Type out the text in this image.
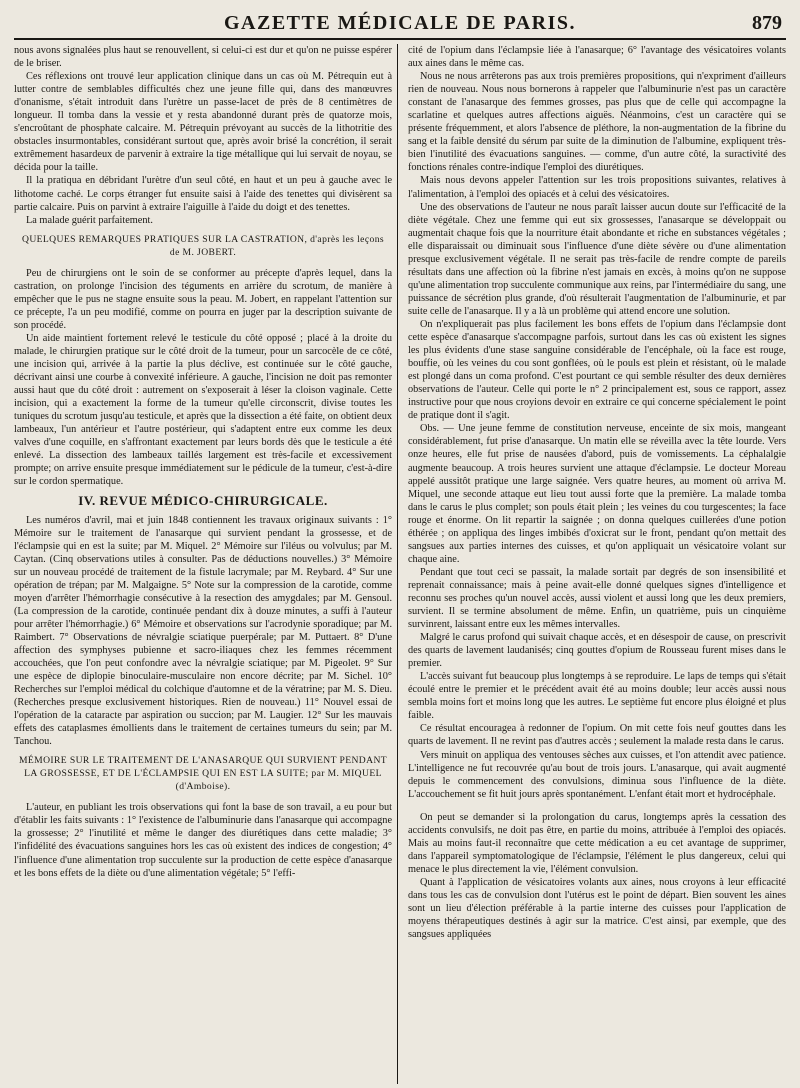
GAZETTE MÉDICALE DE PARIS.	879

nous avons signalées plus haut se renouvellent, si celui-ci est dur et qu'on ne puisse espérer de le briser.

Ces réflexions ont trouvé leur application clinique dans un cas où M. Pétrequin eut à lutter contre de semblables difficultés chez une jeune fille qui, dans des manœuvres d'onanisme, s'était introduit dans l'urètre un passe-lacet de près de 8 centimètres de longueur. Il tomba dans la vessie et y resta abandonné durant près de quatorze mois, s'encroûtant de phosphate calcaire. M. Pétrequin prévoyant au succès de la lithotritie des obstacles insurmontables, considérant surtout que, après avoir brisé la concrétion, il serait extrêmement hasardeux de parvenir à extraire la tige métallique qui lui servait de noyau, se décida pour la taille.

Il la pratiqua en débridant l'urètre d'un seul côté, en haut et un peu à gauche avec le lithotome caché. Le corps étranger fut ensuite saisi à l'aide des tenettes qui divisèrent sa partie calcaire. Puis on parvint à extraire l'aiguille à l'aide du doigt et des tenettes.

La malade guérit parfaitement.

QUELQUES REMARQUES PRATIQUES SUR LA CASTRATION, d'après les leçons de M. JOBERT.

Peu de chirurgiens ont le soin de se conformer au précepte d'après lequel, dans la castration, on prolonge l'incision des téguments en arrière du scrotum, de manière à empêcher que le pus ne stagne ensuite sous la peau. M. Jobert, en rappelant l'attention sur ce précepte, l'a un peu modifié, comme on pourra en juger par la description suivante de son procédé.

Un aide maintient fortement relevé le testicule du côté opposé ; placé à la droite du malade, le chirurgien pratique sur le côté droit de la tumeur, pour un sarcocèle de ce côté, une incision qui, arrivée à la partie la plus déclive, est continuée sur le côté gauche, décrivant ainsi une courbe à convexité inférieure. A gauche, l'incision ne doit pas remonter aussi haut que du côté droit : autrement on s'exposerait à léser la cloison vaginale. Cette incision, qui a exactement la forme de la tumeur qu'elle circonscrit, divise toutes les tuniques du scrotum jusqu'au testicule, et après que la dissection a été faite, on obtient deux lambeaux, l'un antérieur et l'autre postérieur, qui s'adaptent entre eux comme les deux valves d'une coquille, en s'affrontant exactement par leurs bords dès que le testicule a été enlevé. La dissection des lambeaux taillés largement est très-facile et excessivement prompte; on arrive ensuite presque immédiatement sur le pédicule de la tumeur, c'est-à-dire sur le cordon spermatique.

IV. REVUE MÉDICO-CHIRURGICALE.

Les numéros d'avril, mai et juin 1848 contiennent les travaux originaux suivants : 1° Mémoire sur le traitement de l'anasarque qui survient pendant la grossesse, et de l'éclampsie qui en est la suite; par M. Miquel. 2° Mémoire sur l'iléus ou volvulus; par M. Caytan. (Cinq observations utiles à consulter. Pas de déductions nouvelles.) 3° Mémoire sur un nouveau procédé de traitement de la fistule lacrymale; par M. Reybard. 4° Sur une opération de trépan; par M. Malgaigne. 5° Note sur la compression de la carotide, comme moyen d'arrêter l'hémorrhagie consécutive à la resection des amygdales; par M. Gensoul. (La compression de la carotide, continuée pendant dix à douze minutes, a suffi à l'auteur pour arrêter l'hémorrhagie.) 6° Mémoire et observations sur l'acrodynie sporadique; par M. Raimbert. 7° Observations de névralgie sciatique puerpérale; par M. Puttaert. 8° D'une affection des symphyses pubienne et sacro-iliaques chez les femmes récemment accouchées, que l'on peut confondre avec la névralgie sciatique; par M. Pigeolet. 9° Sur une espèce de diplopie binoculaire-musculaire non encore décrite; par M. Sichel. 10° Recherches sur l'emploi médical du colchique d'automne et de la vératrine; par M. S. Dieu. (Recherches presque exclusivement historiques. Rien de nouveau.) 11° Nouvel essai de l'opération de la cataracte par aspiration ou succion; par M. Laugier. 12° Sur les mauvais effets des cataplasmes émollients dans le traitement de certaines tumeurs du sein; par M. Tanchou.

MÉMOIRE SUR LE TRAITEMENT DE L'ANASARQUE QUI SURVIENT PENDANT LA GROSSESSE, ET DE L'ÉCLAMPSIE QUI EN EST LA SUITE; par M. MIQUEL (d'Amboise).

L'auteur, en publiant les trois observations qui font la base de son travail, a eu pour but d'établir les faits suivants : 1° l'existence de l'albuminurie dans l'anasarque qui accompagne la grossesse; 2° l'inutilité et même le danger des diurétiques dans cette maladie; 3° l'infidélité des évacuations sanguines hors les cas où existent des indices de congestion; 4° l'influence d'une alimentation trop succulente sur la production de cette espèce d'anasarque et les bons effets de la diète ou d'une alimentation végétale; 5° l'effi-

cité de l'opium dans l'éclampsie liée à l'anasarque; 6° l'avantage des vésicatoires volants aux aines dans le même cas.

Nous ne nous arrêterons pas aux trois premières propositions, qui n'expriment d'ailleurs rien de nouveau. Nous nous bornerons à rappeler que l'albuminurie n'est pas un caractère constant de l'anasarque des femmes grosses, pas plus que de celle qui accompagne la scarlatine et quelques autres affections aiguës. Néanmoins, c'est un caractère qui se présente fréquemment, et alors l'absence de pléthore, la non-augmentation de la fibrine du sang et la faible densité du sérum par suite de la diminution de l'albumine, expliquent très-bien l'inutilité des évacuations sanguines. — comme, d'un autre côté, la suractivité des fonctions rénales contre-indique l'emploi des diurétiques.

Mais nous devons appeler l'attention sur les trois propositions suivantes, relatives à l'alimentation, à l'emploi des opiacés et à celui des vésicatoires.

Une des observations de l'auteur ne nous paraît laisser aucun doute sur l'efficacité de la diète végétale. Chez une femme qui eut six grossesses, l'anasarque se développait ou augmentait chaque fois que la nourriture était abondante et riche en substances végétales ; elle disparaissait ou diminuait sous l'influence d'une diète sévère ou d'une alimentation presque exclusivement végétale. Il ne serait pas très-facile de rendre compte de pareils résultats dans une affection où la fibrine n'est jamais en excès, à moins qu'on ne suppose qu'une alimentation trop succulente communique aux reins, par l'intermédiaire du sang, une puissance de sécrétion plus grande, d'où résulterait l'augmentation de l'albuminurie, et par suite celle de l'anasarque. Il y a là un problème qui attend encore une solution.

On n'expliquerait pas plus facilement les bons effets de l'opium dans l'éclampsie dont cette espèce d'anasarque s'accompagne parfois, surtout dans les cas où existent les signes les plus évidents d'une stase sanguine considérable de l'encéphale, où la face est rouge, bouffie, où les veines du cou sont gonflées, où le pouls est plein et résistant, où le malade est plongé dans un coma profond. C'est pourtant ce qui semble résulter des deux dernières observations de l'auteur. Celle qui porte le n° 2 principalement est, sous ce rapport, assez instructive pour que nous croyions devoir en extraire ce qui concerne spécialement le point de pratique dont il s'agit.

Obs. — Une jeune femme de constitution nerveuse, enceinte de six mois, mangeant considérablement, fut prise d'anasarque. Un matin elle se réveilla avec la tête lourde. Vers onze heures, elle fut prise de nausées d'abord, puis de vomissements. La céphalalgie augmente beaucoup. A trois heures survient une attaque d'éclampsie. Le docteur Moreau appelé aussitôt pratique une large saignée. Vers quatre heures, au moment où arriva M. Miquel, une seconde attaque eut lieu tout aussi forte que la première. La malade tomba dans le carus le plus complet; son pouls était plein ; les veines du cou turgescentes; la face rouge et énorme. On lit repartir la saignée ; on donna quelques cuillerées d'une potion éthérée ; on appliqua des linges imbibés d'oxicrat sur le front, pendant qu'on mettait des sangsues aux parties internes des cuisses, et qu'on appliquait un vésicatoire volant sur chaque aine.

Pendant que tout ceci se passait, la malade sortait par degrés de son insensibilité et reprenait connaissance; mais à peine avait-elle donné quelques signes d'intelligence et reconnu ses proches qu'un nouvel accès, aussi violent et aussi long que les deux premiers, survient. Il se termine absolument de même. Enfin, un quatrième, puis un cinquième survinrent, laissant entre eux les mêmes intervalles.

Malgré le carus profond qui suivait chaque accès, et en désespoir de cause, on prescrivit des quarts de lavement laudanisés; cinq gouttes d'opium de Rousseau furent mises dans le premier.

L'accès suivant fut beaucoup plus longtemps à se reproduire. Le laps de temps qui s'était écoulé entre le premier et le précédent avait été au moins double; leur accès aussi nous sembla moins fort et moins long que les autres. Le septième fut encore plus éloigné et plus faible.

Ce résultat encouragea à redonner de l'opium. On mit cette fois neuf gouttes dans les quarts de lavement. Il ne revint pas d'autres accès ; seulement la malade resta dans le carus.

Vers minuit on appliqua des ventouses sèches aux cuisses, et l'on attendit avec patience. L'intelligence ne fut recouvrée qu'au bout de trois jours. L'anasarque, qui avait augmenté depuis le commencement des convulsions, diminua sous l'influence de la diète. L'accouchement se fit huit jours après spontanément. L'enfant était mort et hydrocéphale.

On peut se demander si la prolongation du carus, longtemps après la cessation des accidents convulsifs, ne doit pas être, en partie du moins, attribuée à l'emploi des opiacés. Mais au moins faut-il reconnaître que cette médication a eu cet avantage de supprimer, dans l'appareil symptomatologique de l'éclampsie, l'élément le plus dangereux, celui qui menace le plus directement la vie, l'élément convulsion.

Quant à l'application de vésicatoires volants aux aines, nous croyons à leur efficacité dans tous les cas de convulsion dont l'utérus est le point de départ. Bien souvent les aines sont un lieu d'élection préférable à la partie interne des cuisses pour l'application de moyens thérapeutiques destinés à agir sur la matrice. C'est ainsi, par exemple, que des sangsues appliquées
